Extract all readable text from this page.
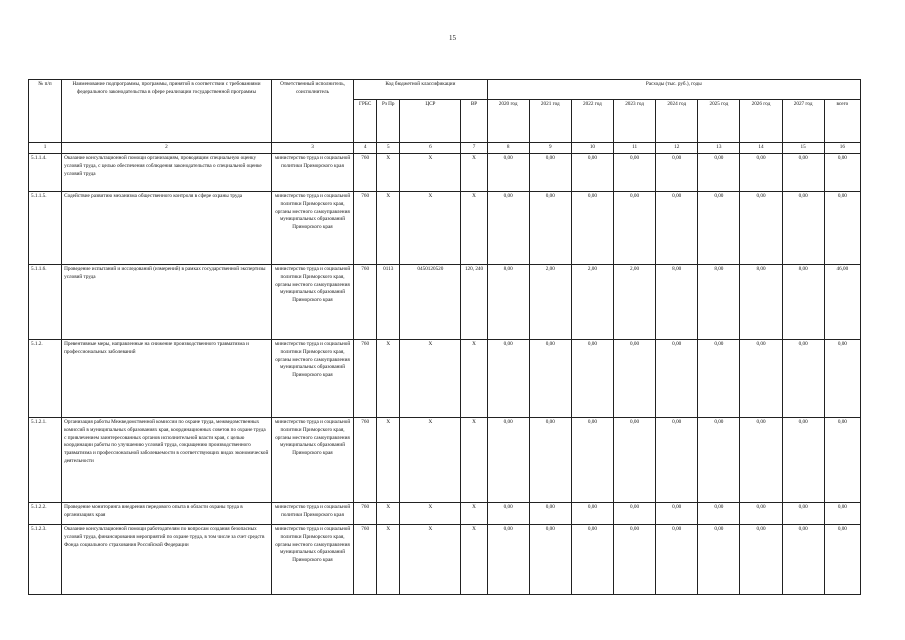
15
№ п/п	Наименование подпрограммы, программы, принятой в соответствии с требованиями федерального законодательства в сфере реализации государственной программы	Ответственный исполнитель, соисполнитель	Код бюджетной классификации				Расходы (тыс. руб.), годы								
			ГРБС	Рз Пр	ЦСР	ВР	2020 год	2021 год	2022 год	2023 год	2024 год	2025 год	2026 год	2027 год	всего
1	2	3	4	5	6	7	8	9	10	11	12	13	14	15	16
5.1.1.4.	Оказание консультационной помощи организациям, проводящим специальную оценку условий труда, с целью обеспечения соблюдения законодательства о специальной оценке условий труда	министерство труда и социальной политики Приморского края	760	Х	Х	Х	0,00	0,00	0,00	0,00	0,00	0,00	0,00	0,00	0,00
5.1.1.5.	Содействие развитию механизма общественного контроля в сфере охраны труда	министерство труда и социальной политики Приморского края, органы местного самоуправления муниципальных образований Приморского края	760	Х	Х	Х	0,00	0,00	0,00	0,00	0,00	0,00	0,00	0,00	0,00
5.1.1.6.	Проведение испытаний и исследований (измерений) в рамках государственной экспертизы условий труда	министерство труда и социальной политики Приморского края, органы местного самоуправления муниципальных образований Приморского края	760	0113	0450120520	120, 240	8,00	2,00	2,00	2,00	8,00	8,00	8,00	8,00	46,00
5.1.2.	Превентивные меры, направленные на снижение производственного травматизма и профессиональных заболеваний	министерство труда и социальной политики Приморского края, органы местного самоуправления муниципальных образований Приморского края	760	Х	Х	Х	0,00	0,00	0,00	0,00	0,00	0,00	0,00	0,00	0,00
5.1.2.1.	Организация работы Межведомственной комиссии по охране труда, межведомственных комиссий в муниципальных образованиях края, координационных советов по охране труда с привлечением заинтересованных органов исполнительной власти края, с целью координации работы по улучшению условий труда, сокращению производственного травматизма и профессиональной заболеваемости в соответствующих видах экономической деятельности	министерство труда и социальной политики Приморского края, органы местного самоуправления муниципальных образований Приморского края	760	Х	Х	Х	0,00	0,00	0,00	0,00	0,00	0,00	0,00	0,00	0,00
5.1.2.2.	Проведение мониторинга внедрения передового опыта в области охраны труда в организациях края	министерство труда и социальной политики Приморского края	760	Х	Х	Х	0,00	0,00	0,00	0,00	0,00	0,00	0,00	0,00	0,00
5.1.2.3.	Оказание консультационной помощи работодателям по вопросам создания безопасных условий труда, финансирования мероприятий по охране труда, в том числе за счет средств Фонда социального страхования Российской Федерации	министерство труда и социальной политики Приморского края, органы местного самоуправления муниципальных образований Приморского края	760	Х	Х	Х	0,00	0,00	0,00	0,00	0,00	0,00	0,00	0,00	0,00
